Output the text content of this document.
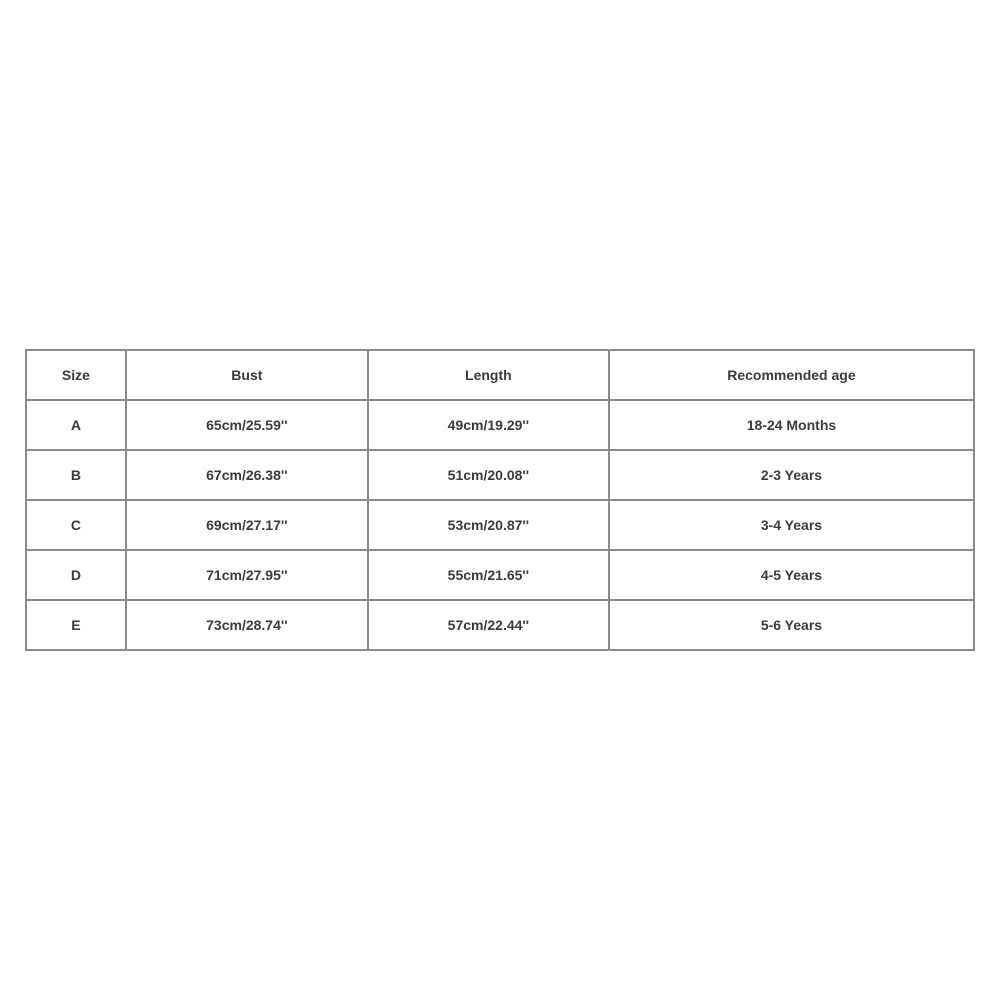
Size	Bust	Length	Recommended age
A	65cm/25.59''	49cm/19.29''	18-24 Months
B	67cm/26.38''	51cm/20.08''	2-3 Years
C	69cm/27.17''	53cm/20.87''	3-4 Years
D	71cm/27.95''	55cm/21.65''	4-5 Years
E	73cm/28.74''	57cm/22.44''	5-6 Years
